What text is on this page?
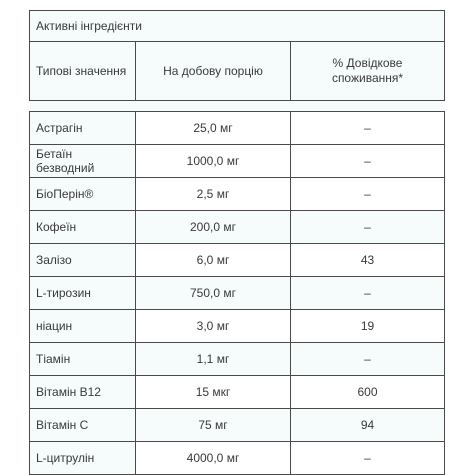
Активні інгредієнти		
Типові значення	На добову порцію	% Довідкове споживання*

Астрагін	25,0 мг	–
Бетаїн безводний	1000,0 мг	–
БіоПерін®	2,5 мг	–
Кофеїн	200,0 мг	–
Залізо	6,0 мг	43
L-тирозин	750,0 мг	–
ніацин	3,0 мг	19
Тіамін	1,1 мг	–
Вітамін B12	15 мкг	600
Вітамін С	75 мг	94
L-цитрулін	4000,0 мг	–
